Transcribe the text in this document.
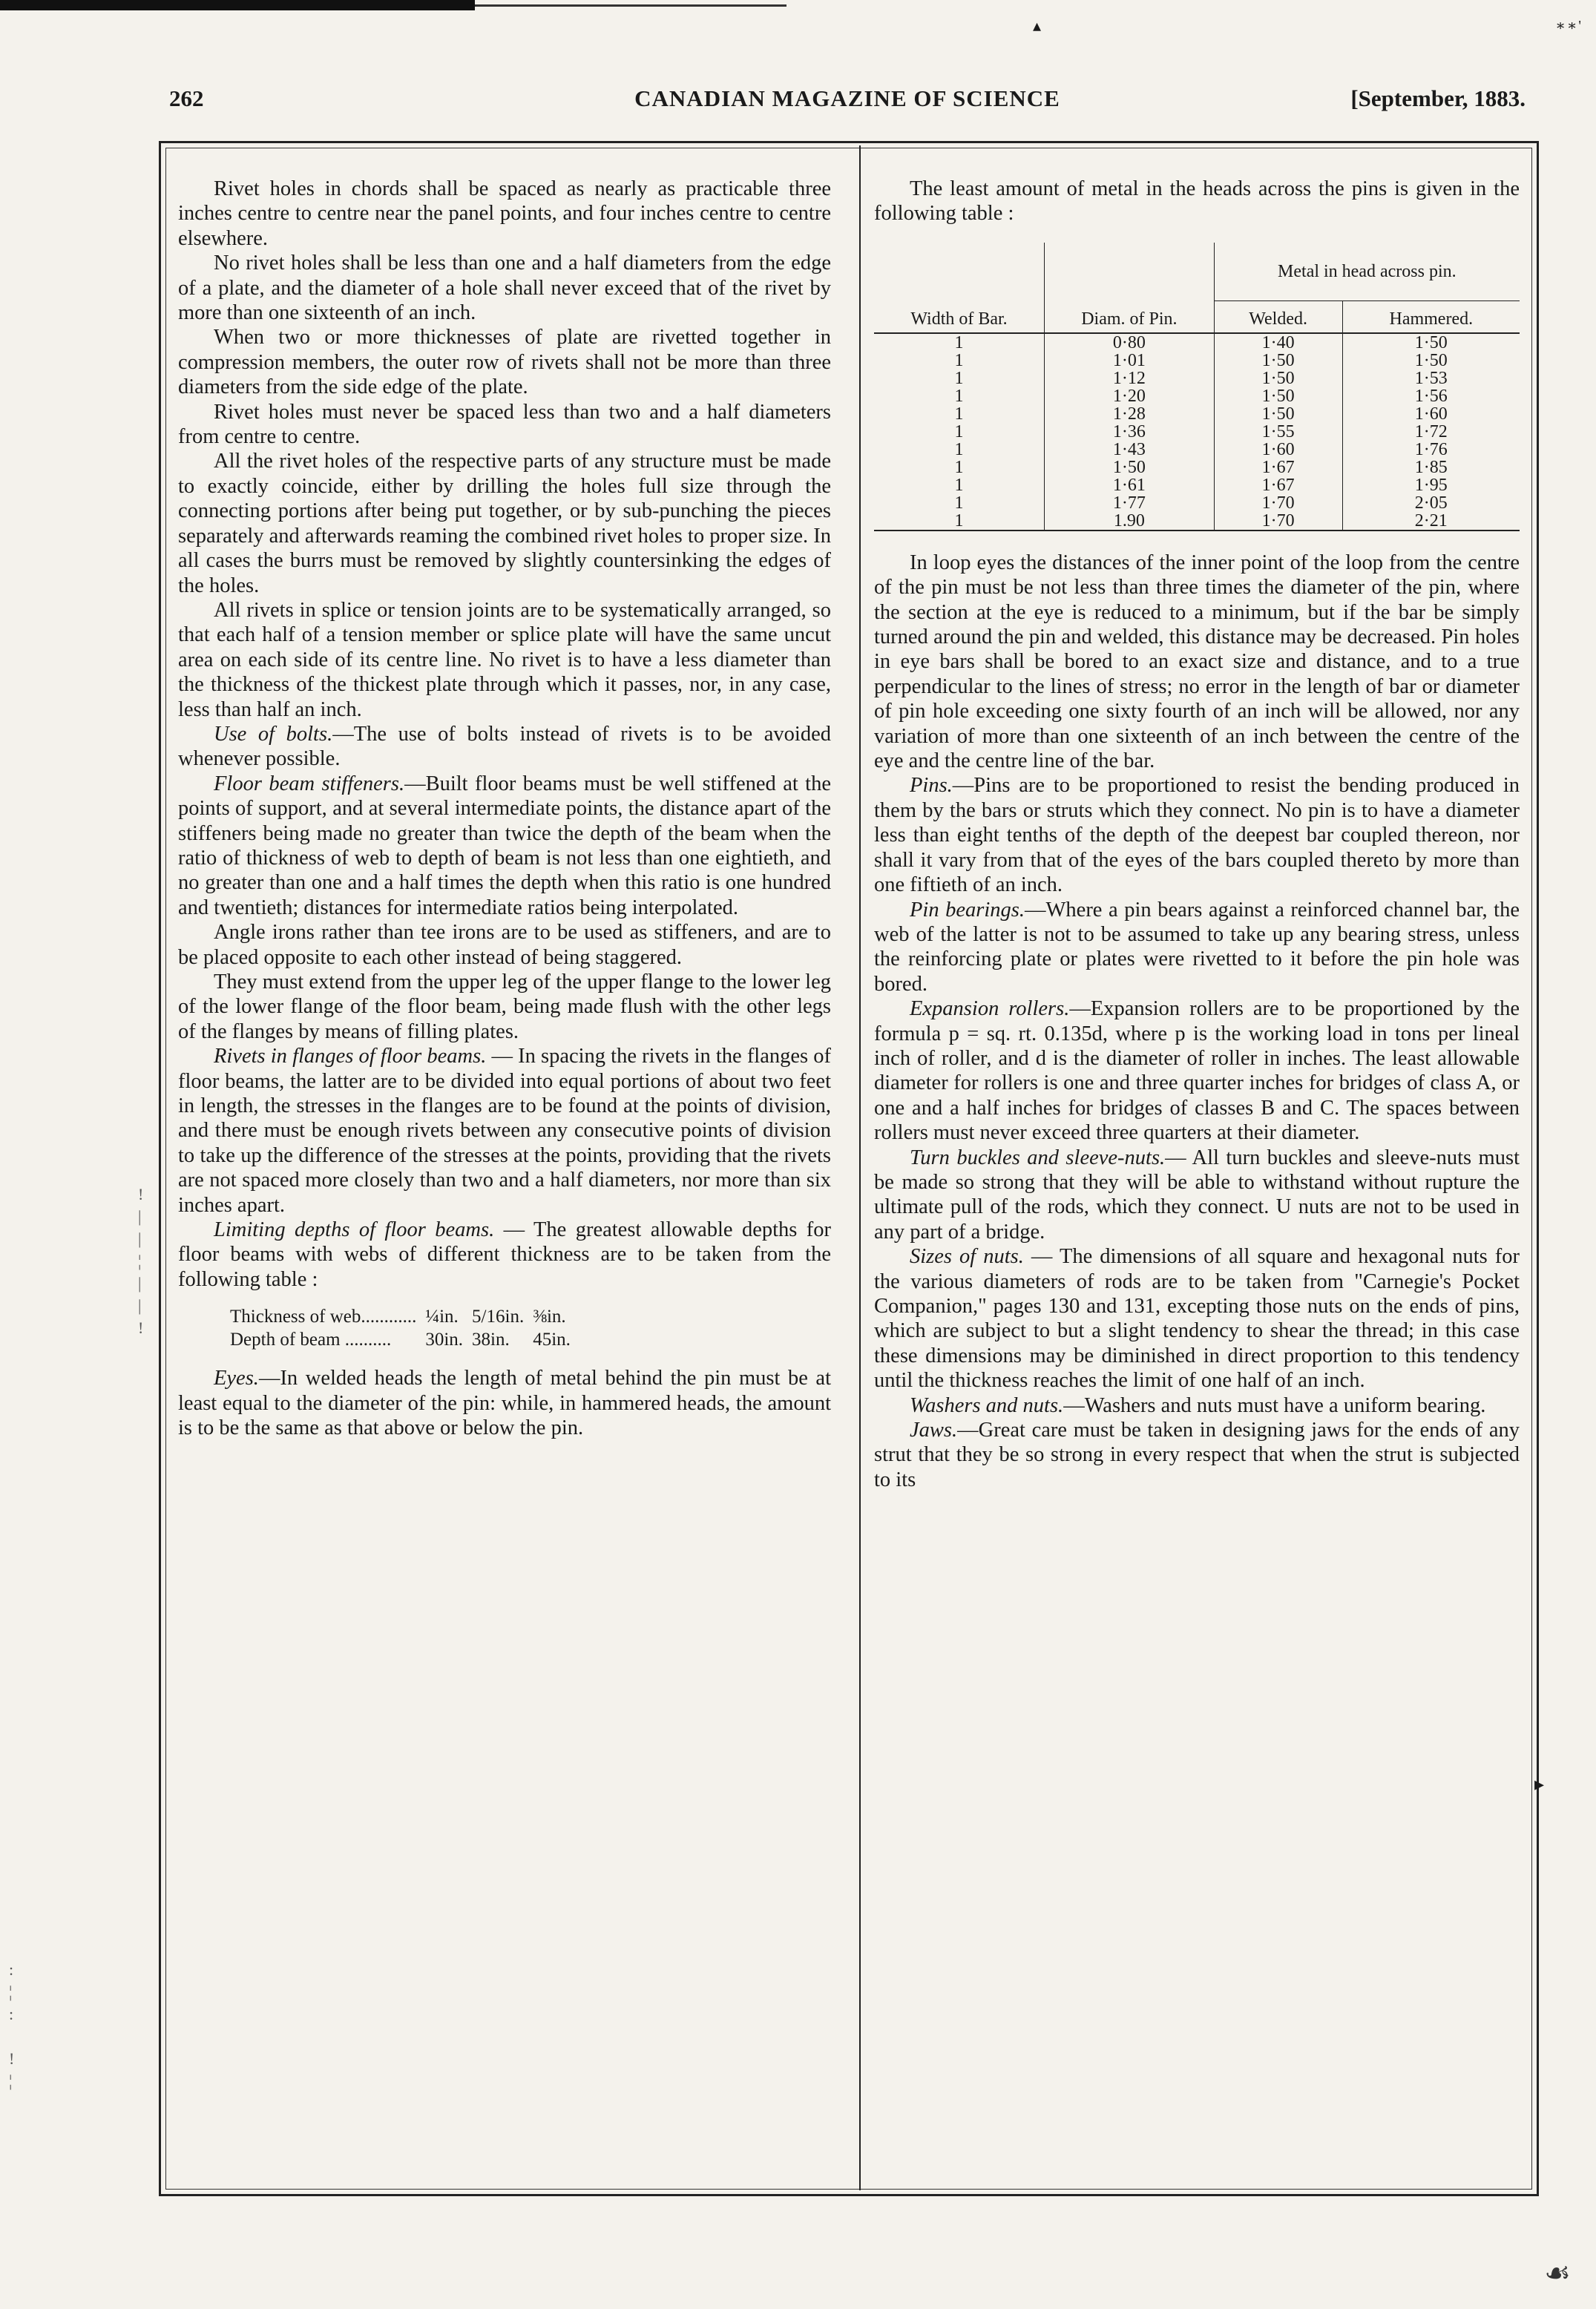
▴	∗∗'
262	CANADIAN MAGAZINE OF SCIENCE	[September, 1883.
!
|
|
¦
|
|
!
:
¦
:

!
¦
▸

Rivet holes in chords shall be spaced as nearly as practicable three inches centre to centre near the panel points, and four inches centre to centre elsewhere.

No rivet holes shall be less than one and a half diameters from the edge of a plate, and the diameter of a hole shall never exceed that of the rivet by more than one sixteenth of an inch.

When two or more thicknesses of plate are rivetted together in compression members, the outer row of rivets shall not be more than three diameters from the side edge of the plate.

Rivet holes must never be spaced less than two and a half diameters from centre to centre.

All the rivet holes of the respective parts of any structure must be made to exactly coincide, either by drilling the holes full size through the connecting portions after being put together, or by sub-punching the pieces separately and afterwards reaming the combined rivet holes to proper size. In all cases the burrs must be removed by slightly countersinking the edges of the holes.

All rivets in splice or tension joints are to be systematically arranged, so that each half of a tension member or splice plate will have the same uncut area on each side of its centre line. No rivet is to have a less diameter than the thickness of the thickest plate through which it passes, nor, in any case, less than half an inch.

Use of bolts.—The use of bolts instead of rivets is to be avoided whenever possible.

Floor beam stiffeners.—Built floor beams must be well stiffened at the points of support, and at several intermediate points, the distance apart of the stiffeners being made no greater than twice the depth of the beam when the ratio of thickness of web to depth of beam is not less than one eightieth, and no greater than one and a half times the depth when this ratio is one hundred and twentieth; distances for intermediate ratios being interpolated.

Angle irons rather than tee irons are to be used as stiffeners, and are to be placed opposite to each other instead of being staggered.

They must extend from the upper leg of the upper flange to the lower leg of the lower flange of the floor beam, being made flush with the other legs of the flanges by means of filling plates.

Rivets in flanges of floor beams. — In spacing the rivets in the flanges of floor beams, the latter are to be divided into equal portions of about two feet in length, the stresses in the flanges are to be found at the points of division, and there must be enough rivets between any consecutive points of division to take up the difference of the stresses at the points, providing that the rivets are not spaced more closely than two and a half diameters, nor more than six inches apart.

Limiting depths of floor beams. — The greatest allowable depths for floor beams with webs of different thickness are to be taken from the following table :

Thickness of web............	¼in.	5/16in.	⅜in.
Depth of beam ..........	30in.	38in.	45in.

Eyes.—In welded heads the length of metal behind the pin must be at least equal to the diameter of the pin: while, in hammered heads, the amount is to be the same as that above or below the pin.

The least amount of metal in the heads across the pins is given in the following table :

Width of Bar.	Diam. of Pin.	Metal in head across pin.	
		Welded.	Hammered.
1	0·80	1·40	1·50
1	1·01	1·50	1·50
1	1·12	1·50	1·53
1	1·20	1·50	1·56
1	1·28	1·50	1·60
1	1·36	1·55	1·72
1	1·43	1·60	1·76
1	1·50	1·67	1·85
1	1·61	1·67	1·95
1	1·77	1·70	2·05
1	1.90	1·70	2·21

In loop eyes the distances of the inner point of the loop from the centre of the pin must be not less than three times the diameter of the pin, where the section at the eye is reduced to a minimum, but if the bar be simply turned around the pin and welded, this distance may be decreased. Pin holes in eye bars shall be bored to an exact size and distance, and to a true perpendicular to the lines of stress; no error in the length of bar or diameter of pin hole exceeding one sixty fourth of an inch will be allowed, nor any variation of more than one sixteenth of an inch between the centre of the eye and the centre line of the bar.

Pins.—Pins are to be proportioned to resist the bending produced in them by the bars or struts which they connect. No pin is to have a diameter less than eight tenths of the depth of the deepest bar coupled thereon, nor shall it vary from that of the eyes of the bars coupled thereto by more than one fiftieth of an inch.

Pin bearings.—Where a pin bears against a reinforced channel bar, the web of the latter is not to be assumed to take up any bearing stress, unless the reinforcing plate or plates were rivetted to it before the pin hole was bored.

Expansion rollers.—Expansion rollers are to be proportioned by the formula p = sq. rt. 0.135d, where p is the working load in tons per lineal inch of roller, and d is the diameter of roller in inches. The least allowable diameter for rollers is one and three quarter inches for bridges of class A, or one and a half inches for bridges of classes B and C. The spaces between rollers must never exceed three quarters at their diameter.

Turn buckles and sleeve-nuts.— All turn buckles and sleeve-nuts must be made so strong that they will be able to withstand without rupture the ultimate pull of the rods, which they connect. U nuts are not to be used in any part of a bridge.

Sizes of nuts. — The dimensions of all square and hexagonal nuts for the various diameters of rods are to be taken from "Carnegie's Pocket Companion," pages 130 and 131, excepting those nuts on the ends of pins, which are subject to but a slight tendency to shear the thread; in this case these dimensions may be diminished in direct proportion to this tendency until the thickness reaches the limit of one half of an inch.

Washers and nuts.—Washers and nuts must have a uniform bearing.

Jaws.—Great care must be taken in designing jaws for the ends of any strut that they be so strong in every respect that when the strut is subjected to its

☙
